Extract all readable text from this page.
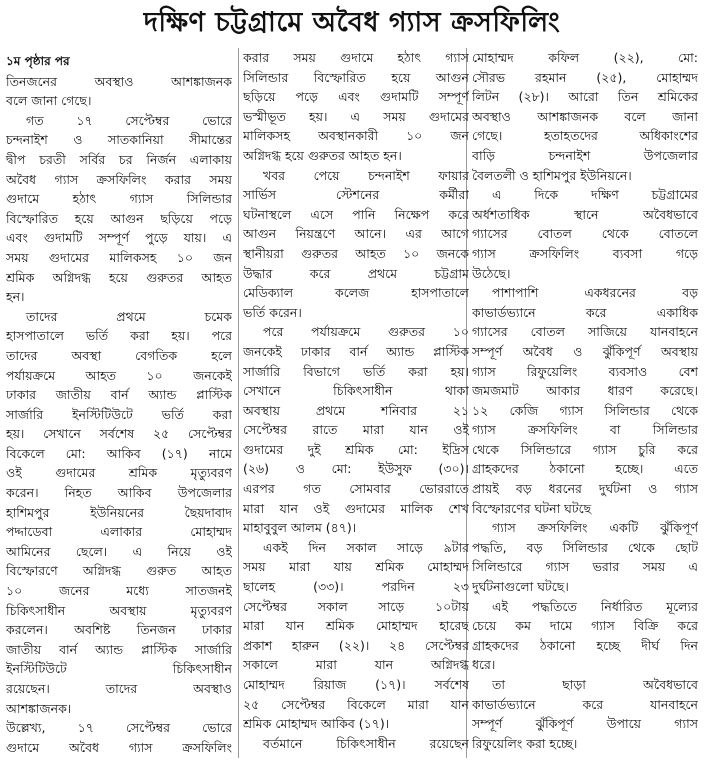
দক্ষিণ চট্টগ্রামে অবৈধ গ্যাস ক্রসফিলিং
১ম পৃষ্ঠার পর
তিনজনের অবস্থাও আশঙ্কাজনক
বলে জানা গেছে।
গত ১৭ সেপ্টেম্বর ভোরে
চন্দনাইশ ও সাতকানিয়া সীমান্তের
দ্বীপ চরতী সর্বির চর নির্জন এলাকায়
অবৈধ গ্যাস ক্রসফিলিং করার সময়
গুদামে হঠাৎ গ্যাস সিলিন্ডার
বিস্ফোরিত হয়ে আগুন ছড়িয়ে পড়ে
এবং গুদামটি সম্পূর্ণ পুড়ে যায়। এ
সময় গুদামের মালিকসহ ১০ জন
শ্রমিক অগ্নিদগ্ধ হয়ে গুরুতর আহত
হন।
তাদের প্রথমে চমেক
হাসপাতালে ভর্তি করা হয়। পরে
তাদের অবস্থা বেগতিক হলে
পর্যায়ক্রমে আহত ১০ জনকেই
ঢাকার জাতীয় বার্ন অ্যান্ড প্লাস্টিক
সার্জারি ইনস্টিটিউটে ভর্তি করা
হয়। সেখানে সর্বশেষ ২৫ সেপ্টেম্বর
বিকেলে মো: আকিব (১৭) নামে
ওই গুদামের শ্রমিক মৃত্যুবরণ
করেন। নিহত আকিব উপজেলার
হাশিমপুর ইউনিয়নের ছৈয়দাবাদ
পদ্দাডেবা এলাকার মোহাম্মদ
আমিনের ছেলে। এ নিয়ে ওই
বিস্ফোরণে অগ্নিদগ্ধ গুরুত আহত
১০ জনের মধ্যে সাতজনই
চিকিৎসাধীন অবস্থায় মৃত্যুবরণ
করলেন। অবশিষ্ট তিনজন ঢাকার
জাতীয় বার্ন অ্যান্ড প্লাস্টিক সার্জারি
ইনস্টিটিউটে চিকিৎসাধীন
রয়েছেন। তাদের অবস্থাও
আশঙ্কাজনক।
উল্লেখ্য, ১৭ সেপ্টেম্বর ভোরে
গুদামে অবৈধ গ্যাস ক্রসফিলিং
করার সময় গুদামে হঠাৎ গ্যাস
সিলিন্ডার বিস্ফোরিত হয়ে আগুন
ছড়িয়ে পড়ে এবং গুদামটি সম্পূর্ণ
ভস্মীভূত হয়। এ সময় গুদামের
মালিকসহ অবস্থানকারী ১০ জন
অগ্নিদগ্ধ হয়ে গুরুতর আহত হন।
খবর পেয়ে চন্দনাইশ ফায়ার
সার্ভিস স্টেশনের কর্মীরা
ঘটনাস্থলে এসে পানি নিক্ষেপ করে
আগুন নিয়ন্ত্রণে আনে। এর আগে
স্থানীয়রা গুরুতর আহত ১০ জনকে
উদ্ধার করে প্রথমে চট্টগ্রাম
মেডিক্যাল কলেজ হাসপাতালে
ভর্তি করেন।
পরে পর্যায়ক্রমে গুরুতর ১০
জনকেই ঢাকার বার্ন অ্যান্ড প্লাস্টিক
সার্জারি বিভাগে ভর্তি করা হয়।
সেখানে চিকিৎসাধীন থাকা
অবস্থায় প্রথমে শনিবার ২১
সেপ্টেম্বর রাতে মারা যান ওই
গুদামের দুই শ্রমিক মো: ইদ্রিস
(২৬) ও মো: ইউসুফ (৩০)।
এরপর গত সোমবার ভোররাতে
মারা যান ওই গুদামের মালিক শেখ
মাহাবুবুল আলম (৪৭)।
একই দিন সকাল সাড়ে ৯টার
সময় মারা যায় শ্রমিক মোহাম্মদ
ছালেহ (৩৩)। পরদিন ২৩
সেপ্টেম্বর সকাল সাড়ে ১০টায়
মারা যান শ্রমিক মোহাম্মদ হারেছ
প্রকাশ হারুন (২২)। ২৪ সেপ্টেম্বর
সকালে মারা যান অগ্নিদগ্ধ
মোহাম্মদ রিয়াজ (১৭)। সর্বশেষ
২৫ সেপ্টেম্বর বিকেলে মারা যান
শ্রমিক মোহাম্মদ আকিব (১৭)।
বর্তমানে চিকিৎসাধীন রয়েছেন
মোহাম্মদ কফিল (২২), মো:
সৌরভ রহমান (২৫), মোহাম্মদ
লিটন (২৮)। আরো তিন শ্রমিকের
অবস্থাও আশঙ্কাজনক বলে জানা
গেছে। হতাহতদের অধিকাংশের
বাড়ি চন্দনাইশ উপজেলার
বৈলতলী ও হাশিমপুর ইউনিয়নে।
এ দিকে দক্ষিণ চট্টগ্রামের
অর্ধশতাধিক স্থানে অবৈধভাবে
গ্যাসের বোতল থেকে বোতলে
গ্যাস ক্রসফিলিং ব্যবসা গড়ে
উঠেছে।
পাশাপাশি একধরনের বড়
কাভার্ডভ্যানে করে একাধিক
গ্যাসের বোতল সাজিয়ে যানবাহনে
সম্পূর্ণ অবৈধ ও ঝুঁকিপূর্ণ অবস্থায়
গ্যাস রিফুয়েলিং ব্যবসাও বেশ
জমজমাট আকার ধারণ করেছে।
১২ কেজি গ্যাস সিলিন্ডার থেকে
গ্যাস ক্রসফিলিং বা সিলিন্ডার
থেকে সিলিন্ডারে গ্যাস চুরি করে
গ্রাহকদের ঠকানো হচ্ছে। এতে
প্রায়ই বড় ধরনের দুর্ঘটনা ও গ্যাস
বিস্ফোরণের ঘটনা ঘটছে
গ্যাস ক্রসফিলিং একটি ঝুঁকিপূর্ণ
পদ্ধতি, বড় সিলিন্ডার থেকে ছোট
সিলিন্ডারে গ্যাস ভরার সময় এ
দুর্ঘটনাগুলো ঘটছে।
এই পদ্ধতিতে নির্ধারিত মূল্যের
চেয়ে কম দামে গ্যাস বিক্রি করে
গ্রাহকদের ঠকানো হচ্ছে দীর্ঘ দিন
ধরে।
তা ছাড়া অবৈধভাবে
কাভার্ডভ্যানে করে যানবাহনে
সম্পূর্ণ ঝুঁকিপূর্ণ উপায়ে গ্যাস
রিফুয়েলিং করা হচ্ছে।
